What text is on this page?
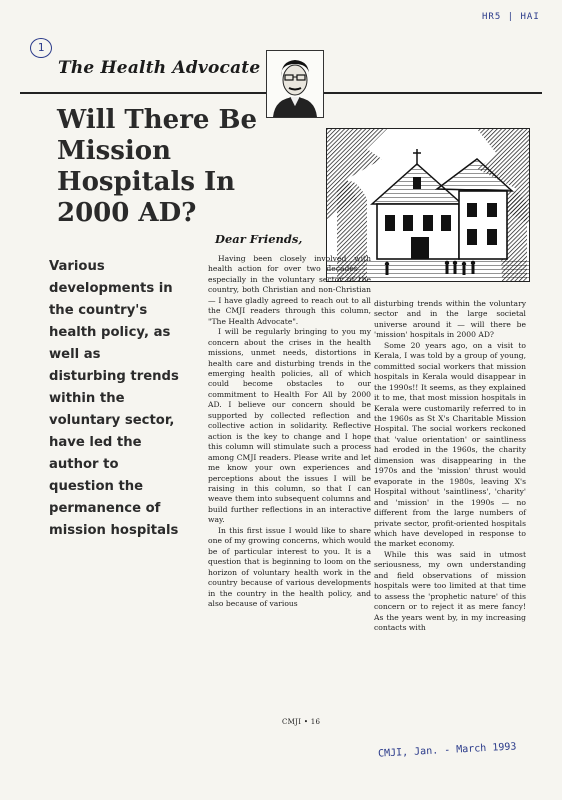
HR5 | HAI
1
The Health Advocate
Will There Be Mission Hospitals In 2000 AD?

Various developments in the country's health policy, as well as disturbing trends within the voluntary sector, have led the author to question the permanence of mission hospitals

Dear Friends,

Having been closely involved with health action for over two decades — especially in the voluntary sector of the country, both Christian and non-Christian — I have gladly agreed to reach out to all the CMJI readers through this column, "The Health Advocate".

I will be regularly bringing to you my concern about the crises in the health missions, unmet needs, distortions in health care and disturbing trends in the emerging health policies, all of which could become obstacles to our commitment to Health For All by 2000 AD. I believe our concern should be supported by collected reflection and collective action in solidarity. Reflective action is the key to change and I hope this column will stimulate such a process among CMJI readers. Please write and let me know your own experiences and perceptions about the issues I will be raising in this column, so that I can weave them into subsequent columns and build further reflections in an interactive way.

In this first issue I would like to share one of my growing concerns, which would be of particular interest to you. It is a question that is beginning to loom on the horizon of voluntary health work in the country because of various developments in the country in the health policy, and also because of various

disturbing trends within the voluntary sector and in the large societal universe around it — will there be 'mission' hospitals in 2000 AD?

Some 20 years ago, on a visit to Kerala, I was told by a group of young, committed social workers that mission hospitals in Kerala would disappear in the 1990s!! It seems, as they explained it to me, that most mission hospitals in Kerala were customarily referred to in the 1960s as St X's Charitable Mission Hospital. The social workers reckoned that 'value orientation' or saintliness had eroded in the 1960s, the charity dimension was disappearing in the 1970s and the 'mission' thrust would evaporate in the 1980s, leaving X's Hospital without 'saintliness', 'charity' and 'mission' in the 1990s — no different from the large numbers of private sector, profit-oriented hospitals which have developed in response to the market economy.

While this was said in utmost seriousness, my own understanding and field observations of mission hospitals were too limited at that time to assess the 'prophetic nature' of this concern or to reject it as mere fancy! As the years went by, in my increasing contacts with

CMJI • 16
CMJI, Jan. - March 1993
